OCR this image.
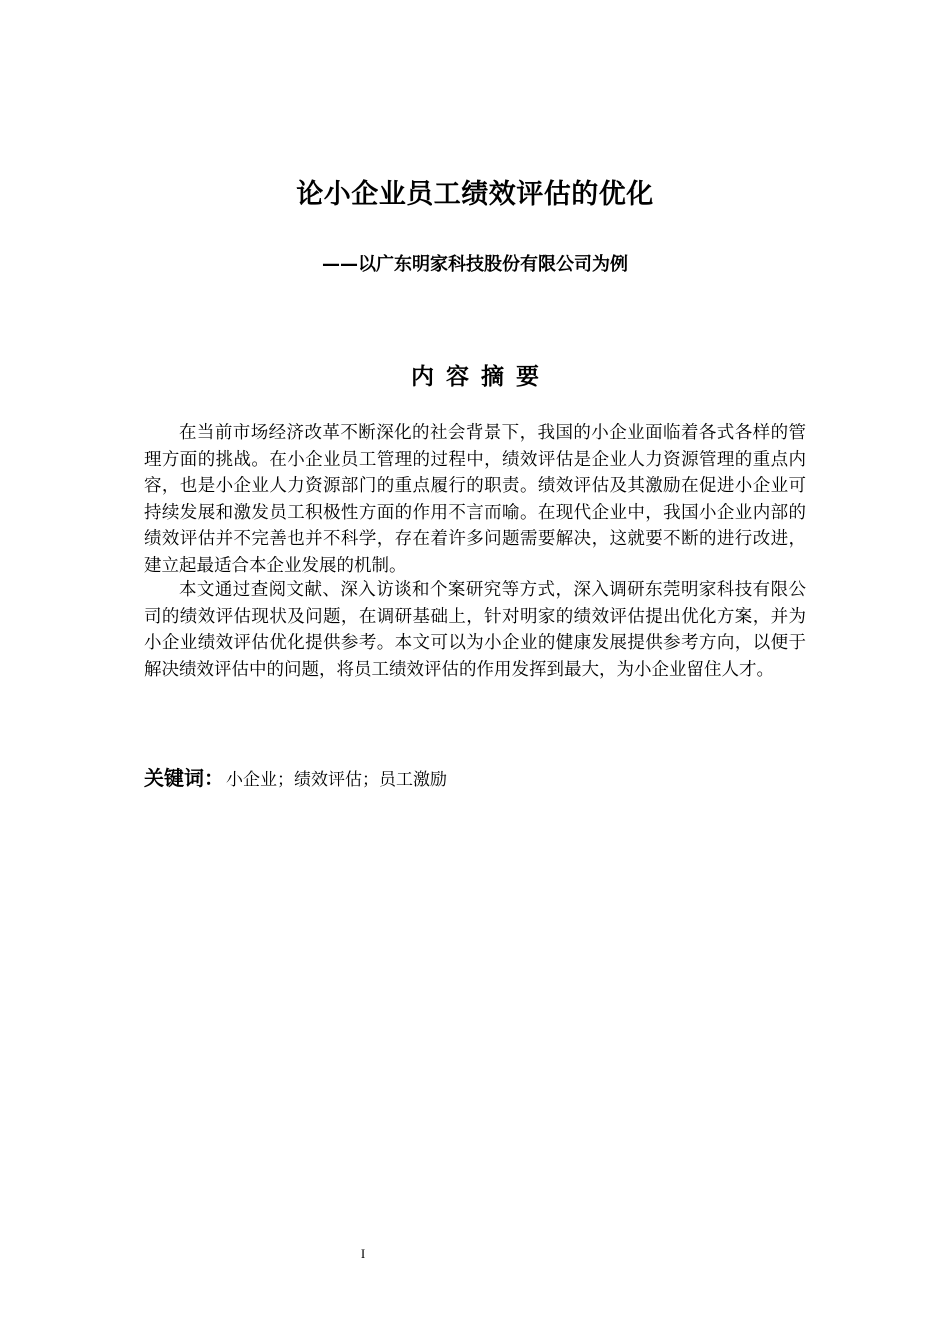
论小企业员工绩效评估的优化
——以广东明家科技股份有限公司为例
内 容 摘 要

在当前市场经济改革不断深化的社会背景下，我国的小企业面临着各式各样的管理方面的挑战。在小企业员工管理的过程中，绩效评估是企业人力资源管理的重点内容，也是小企业人力资源部门的重点履行的职责。绩效评估及其激励在促进小企业可持续发展和激发员工积极性方面的作用不言而喻。在现代企业中，我国小企业内部的绩效评估并不完善也并不科学，存在着许多问题需要解决，这就要不断的进行改进，建立起最适合本企业发展的机制。

本文通过查阅文献、深入访谈和个案研究等方式，深入调研东莞明家科技有限公司的绩效评估现状及问题，在调研基础上，针对明家的绩效评估提出优化方案，并为小企业绩效评估优化提供参考。本文可以为小企业的健康发展提供参考方向，以便于解决绩效评估中的问题，将员工绩效评估的作用发挥到最大，为小企业留住人才。

关键词： 小企业；绩效评估；员工激励
I
